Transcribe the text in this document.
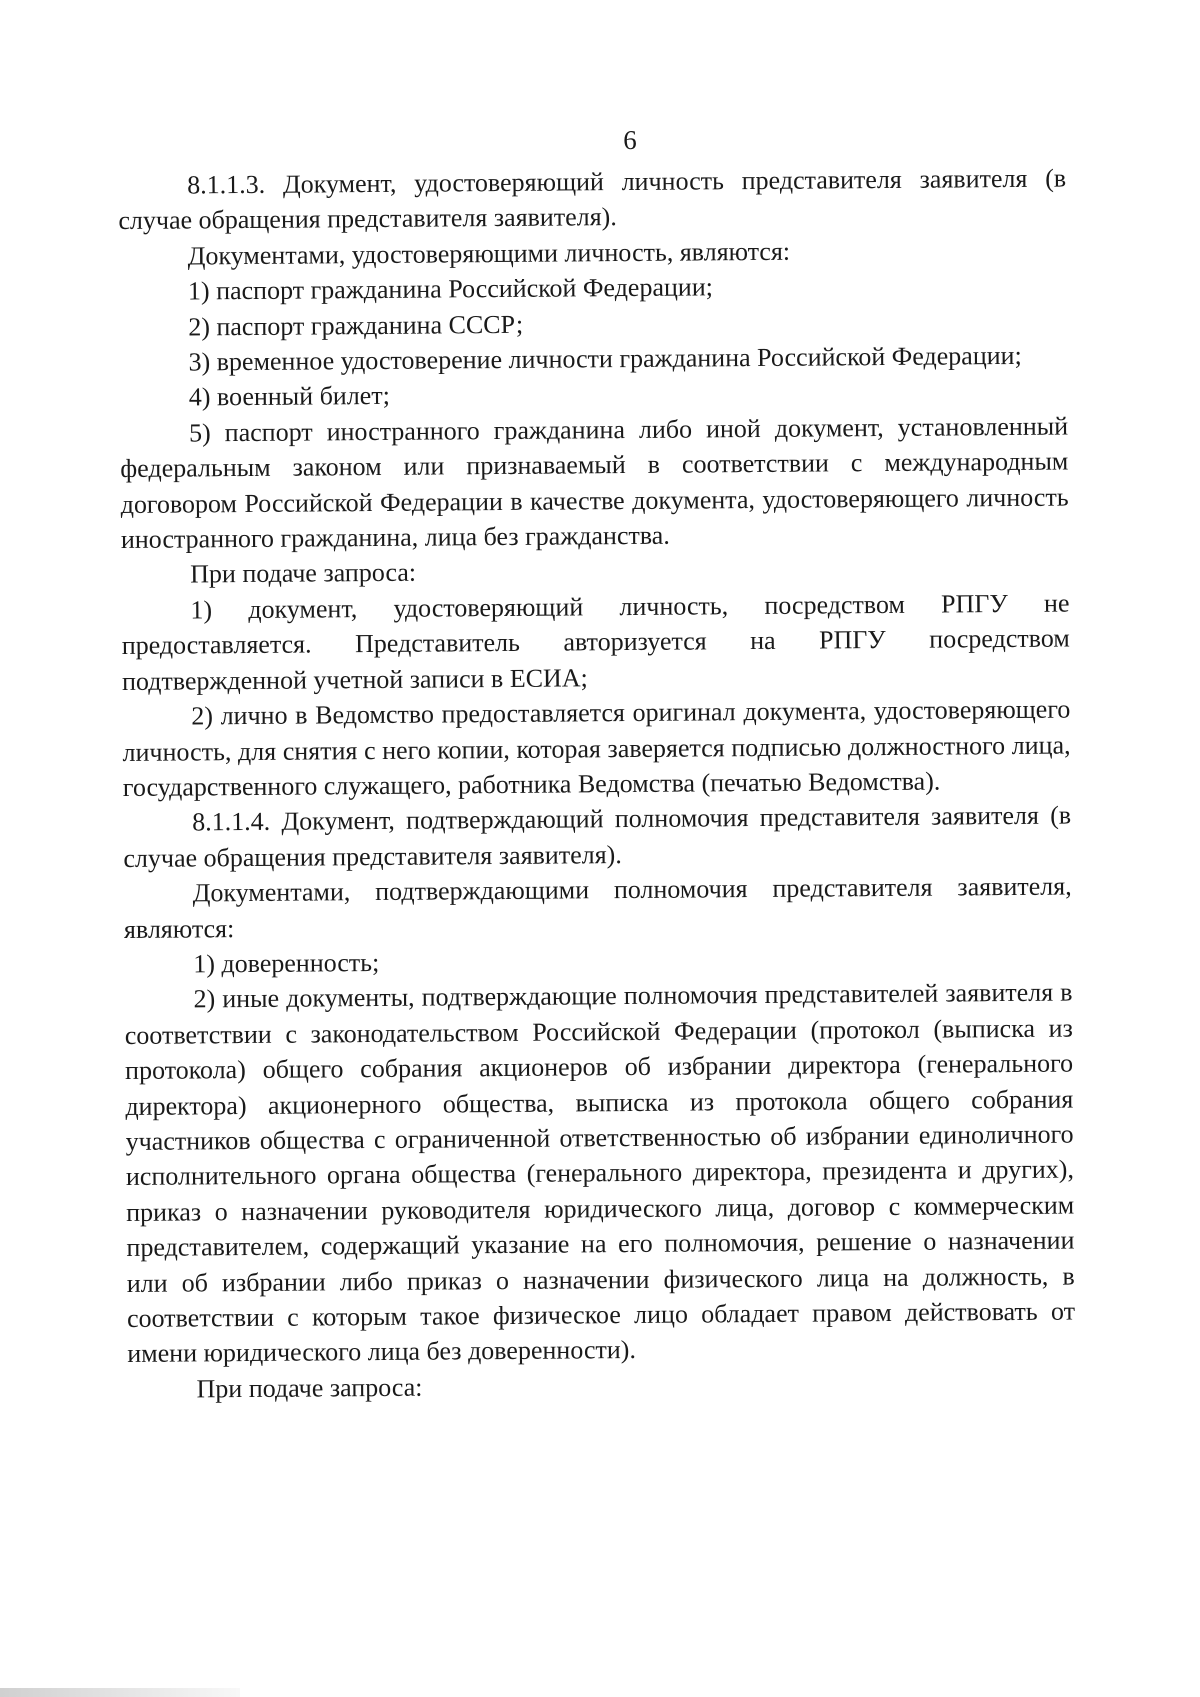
6

8.1.1.3. Документ, удостоверяющий личность представителя заявителя (в случае обращения представителя заявителя).

Документами, удостоверяющими личность, являются:

1) паспорт гражданина Российской Федерации;

2) паспорт гражданина СССР;

3) временное удостоверение личности гражданина Российской Федерации;

4) военный билет;

5) паспорт иностранного гражданина либо иной документ, установленный федеральным законом или признаваемый в соответствии с международным договором Российской Федерации в качестве документа, удостоверяющего личность иностранного гражданина, лица без гражданства.

При подаче запроса:

1) документ, удостоверяющий личность, посредством РПГУ не предоставляется. Представитель авторизуется на РПГУ посредством подтвержденной учетной записи в ЕСИА;

2) лично в Ведомство предоставляется оригинал документа, удостоверяющего личность, для снятия с него копии, которая заверяется подписью должностного лица, государственного служащего, работника Ведомства (печатью Ведомства).

8.1.1.4. Документ, подтверждающий полномочия представителя заявителя (в случае обращения представителя заявителя).

Документами, подтверждающими полномочия представителя заявителя, являются:

1) доверенность;

2) иные документы, подтверждающие полномочия представителей заявителя в соответствии с законодательством Российской Федерации (протокол (выписка из протокола) общего собрания акционеров об избрании директора (генерального директора) акционерного общества, выписка из протокола общего собрания участников общества с ограниченной ответственностью об избрании единоличного исполнительного органа общества (генерального директора, президента и других), приказ о назначении руководителя юридического лица, договор с коммерческим представителем, содержащий указание на его полномочия, решение о назначении или об избрании либо приказ о назначении физического лица на должность, в соответствии с которым такое физическое лицо обладает правом действовать от имени юридического лица без доверенности).

При подаче запроса:
